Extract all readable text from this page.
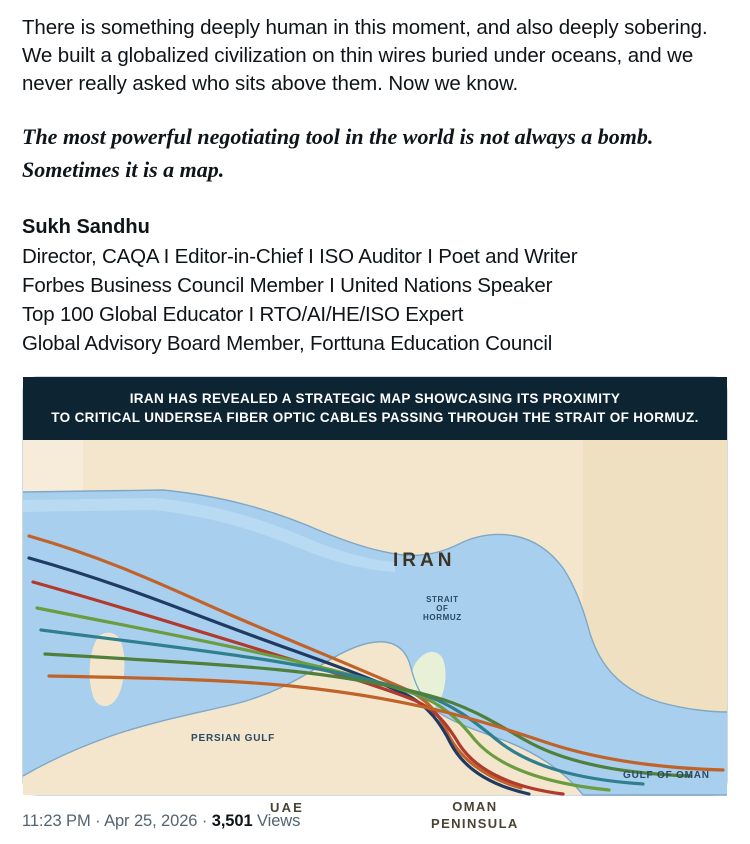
There is something deeply human in this moment, and also deeply sobering. We built a globalized civilization on thin wires buried under oceans, and we never really asked who sits above them. Now we know.

The most powerful negotiating tool in the world is not always a bomb. Sometimes it is a map.

Sukh Sandhu

Director, CAQA I Editor-in-Chief I ISO Auditor I Poet and Writer

Forbes Business Council Member I United Nations Speaker

Top 100 Global Educator I RTO/AI/HE/ISO Expert

Global Advisory Board Member, Forttuna Education Council

IRAN HAS REVEALED A STRATEGIC MAP SHOWCASING ITS PROXIMITY
TO CRITICAL UNDERSEA FIBER OPTIC CABLES PASSING THROUGH THE STRAIT OF HORMUZ.
IRAN
STRAIT
OF
HORMUZ
PERSIAN GULF
UAE	OMAN
PENINSULA
GULF OF OMAN
11:23 PM · Apr 25, 2026 · 3,501 Views
